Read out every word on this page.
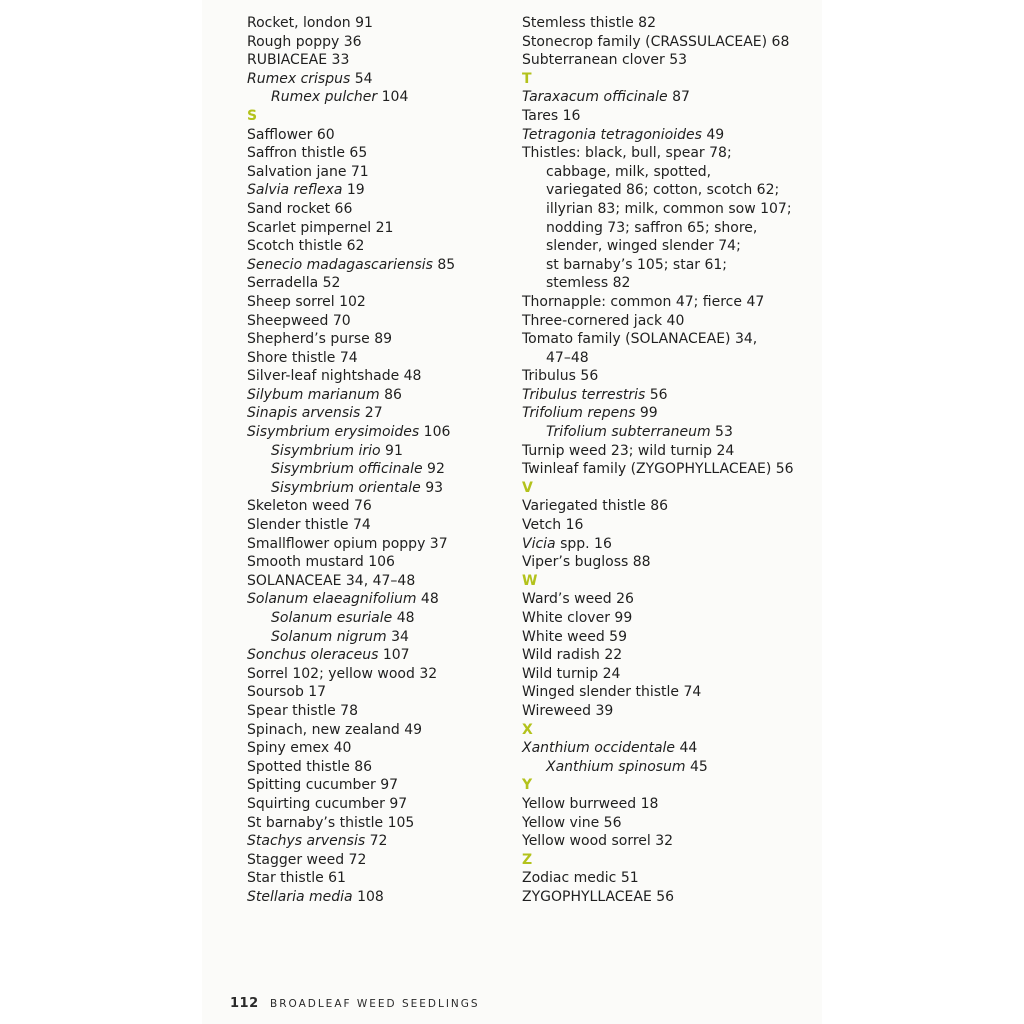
Rocket, london 91
Rough poppy 36
RUBIACEAE 33
Rumex crispus 54
Rumex pulcher 104
S
Safflower 60
Saffron thistle 65
Salvation jane 71
Salvia reflexa 19
Sand rocket 66
Scarlet pimpernel 21
Scotch thistle 62
Senecio madagascariensis 85
Serradella 52
Sheep sorrel 102
Sheepweed 70
Shepherd’s purse 89
Shore thistle 74
Silver-leaf nightshade 48
Silybum marianum 86
Sinapis arvensis 27
Sisymbrium erysimoides 106
Sisymbrium irio 91
Sisymbrium officinale 92
Sisymbrium orientale 93
Skeleton weed 76
Slender thistle 74
Smallflower opium poppy 37
Smooth mustard 106
SOLANACEAE 34, 47–48
Solanum elaeagnifolium 48
Solanum esuriale 48
Solanum nigrum 34
Sonchus oleraceus 107
Sorrel 102; yellow wood 32
Soursob 17
Spear thistle 78
Spinach, new zealand 49
Spiny emex 40
Spotted thistle 86
Spitting cucumber 97
Squirting cucumber 97
St barnaby’s thistle 105
Stachys arvensis 72
Stagger weed 72
Star thistle 61
Stellaria media 108
Stemless thistle 82
Stonecrop family (CRASSULACEAE) 68
Subterranean clover 53
T
Taraxacum officinale 87
Tares 16
Tetragonia tetragonioides 49
Thistles: black, bull, spear 78;
cabbage, milk, spotted,
variegated 86; cotton, scotch 62;
illyrian 83; milk, common sow 107;
nodding 73; saffron 65; shore,
slender, winged slender 74;
st barnaby’s 105; star 61;
stemless 82
Thornapple: common 47; fierce 47
Three-cornered jack 40
Tomato family (SOLANACEAE) 34,
47–48
Tribulus 56
Tribulus terrestris 56
Trifolium repens 99
Trifolium subterraneum 53
Turnip weed 23; wild turnip 24
Twinleaf family (ZYGOPHYLLACEAE) 56
V
Variegated thistle 86
Vetch 16
Vicia spp. 16
Viper’s bugloss 88
W
Ward’s weed 26
White clover 99
White weed 59
Wild radish 22
Wild turnip 24
Winged slender thistle 74
Wireweed 39
X
Xanthium occidentale 44
Xanthium spinosum 45
Y
Yellow burrweed 18
Yellow vine 56
Yellow wood sorrel 32
Z
Zodiac medic 51
ZYGOPHYLLACEAE 56
112 BROADLEAF WEED SEEDLINGS
